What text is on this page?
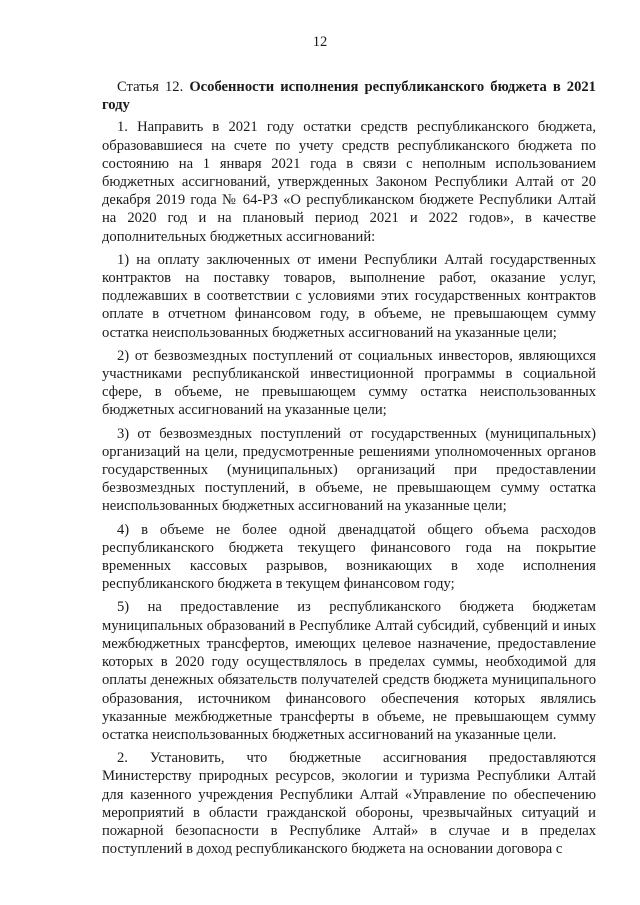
12

Статья 12. Особенности исполнения республиканского бюджета в 2021 году

1. Направить в 2021 году остатки средств республиканского бюджета, образовавшиеся на счете по учету средств республиканского бюджета по состоянию на 1 января 2021 года в связи с неполным использованием бюджетных ассигнований, утвержденных Законом Республики Алтай от 20 декабря 2019 года № 64-РЗ «О республиканском бюджете Республики Алтай на 2020 год и на плановый период 2021 и 2022 годов», в качестве дополнительных бюджетных ассигнований:

1) на оплату заключенных от имени Республики Алтай государственных контрактов на поставку товаров, выполнение работ, оказание услуг, подлежавших в соответствии с условиями этих государственных контрактов оплате в отчетном финансовом году, в объеме, не превышающем сумму остатка неиспользованных бюджетных ассигнований на указанные цели;

2) от безвозмездных поступлений от социальных инвесторов, являющихся участниками республиканской инвестиционной программы в социальной сфере, в объеме, не превышающем сумму остатка неиспользованных бюджетных ассигнований на указанные цели;

3) от безвозмездных поступлений от государственных (муниципальных) организаций на цели, предусмотренные решениями уполномоченных органов государственных (муниципальных) организаций при предоставлении безвозмездных поступлений, в объеме, не превышающем сумму остатка неиспользованных бюджетных ассигнований на указанные цели;

4) в объеме не более одной двенадцатой общего объема расходов республиканского бюджета текущего финансового года на покрытие временных кассовых разрывов, возникающих в ходе исполнения республиканского бюджета в текущем финансовом году;

5) на предоставление из республиканского бюджета бюджетам муниципальных образований в Республике Алтай субсидий, субвенций и иных межбюджетных трансфертов, имеющих целевое назначение, предоставление которых в 2020 году осуществлялось в пределах суммы, необходимой для оплаты денежных обязательств получателей средств бюджета муниципального образования, источником финансового обеспечения которых являлись указанные межбюджетные трансферты в объеме, не превышающем сумму остатка неиспользованных бюджетных ассигнований на указанные цели.

2. Установить, что бюджетные ассигнования предоставляются Министерству природных ресурсов, экологии и туризма Республики Алтай для казенного учреждения Республики Алтай «Управление по обеспечению мероприятий в области гражданской обороны, чрезвычайных ситуаций и пожарной безопасности в Республике Алтай» в случае и в пределах поступлений в доход республиканского бюджета на основании договора с
